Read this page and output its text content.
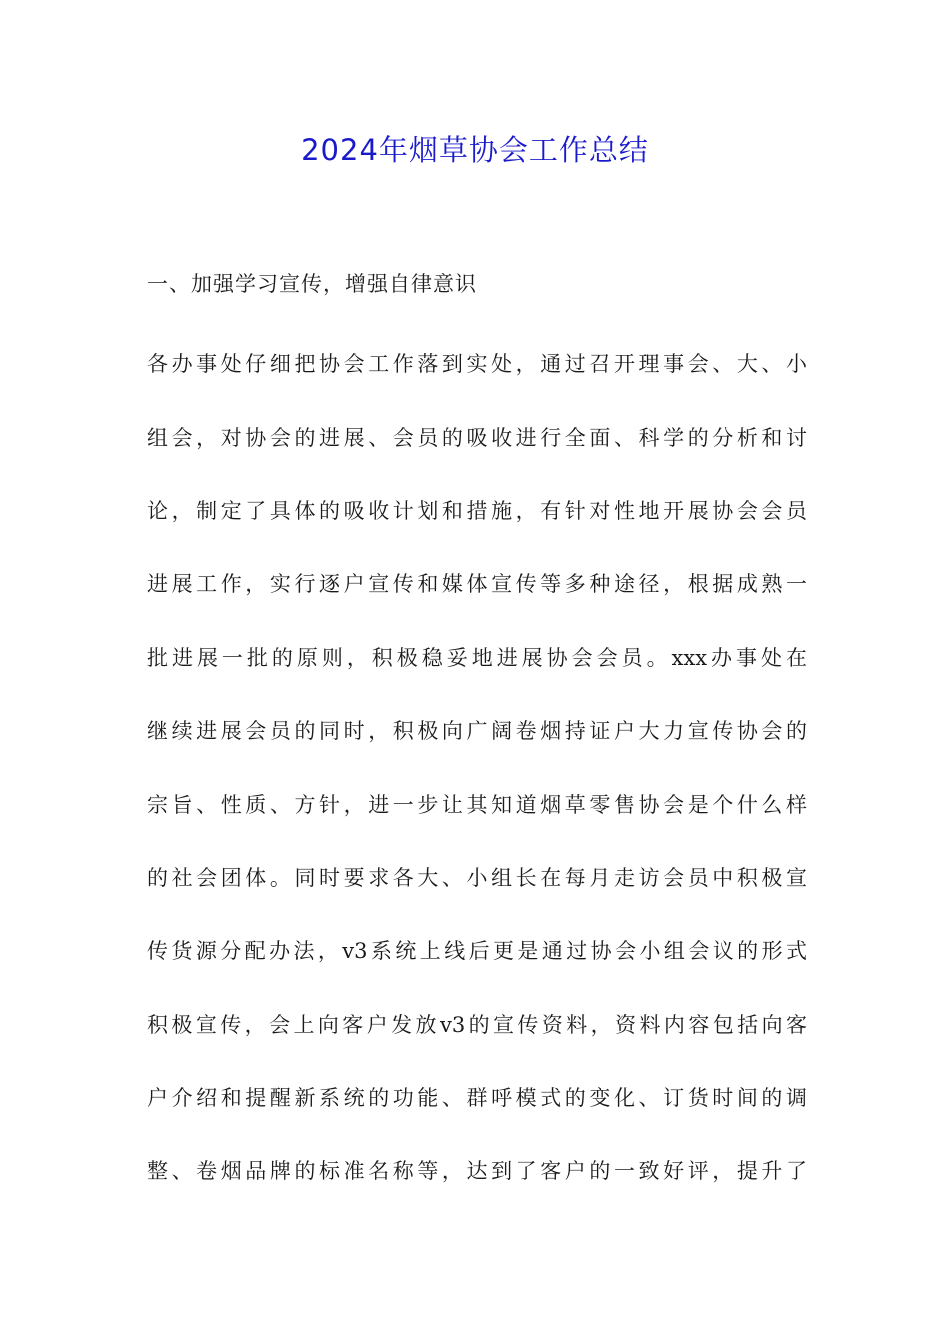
2024年烟草协会工作总结
一、加强学习宣传，增强自律意识
各办事处仔细把协会工作落到实处，通过召开理事会、大、小
组会，对协会的进展、会员的吸收进行全面、科学的分析和讨
论，制定了具体的吸收计划和措施，有针对性地开展协会会员
进展工作，实行逐户宣传和媒体宣传等多种途径，根据成熟一
批进展一批的原则，积极稳妥地进展协会会员。xxx办事处在
继续进展会员的同时，积极向广阔卷烟持证户大力宣传协会的
宗旨、性质、方针，进一步让其知道烟草零售协会是个什么样
的社会团体。同时要求各大、小组长在每月走访会员中积极宣
传货源分配办法，v3系统上线后更是通过协会小组会议的形式
积极宣传，会上向客户发放v3的宣传资料，资料内容包括向客
户介绍和提醒新系统的功能、群呼模式的变化、订货时间的调
整、卷烟品牌的标准名称等，达到了客户的一致好评，提升了
